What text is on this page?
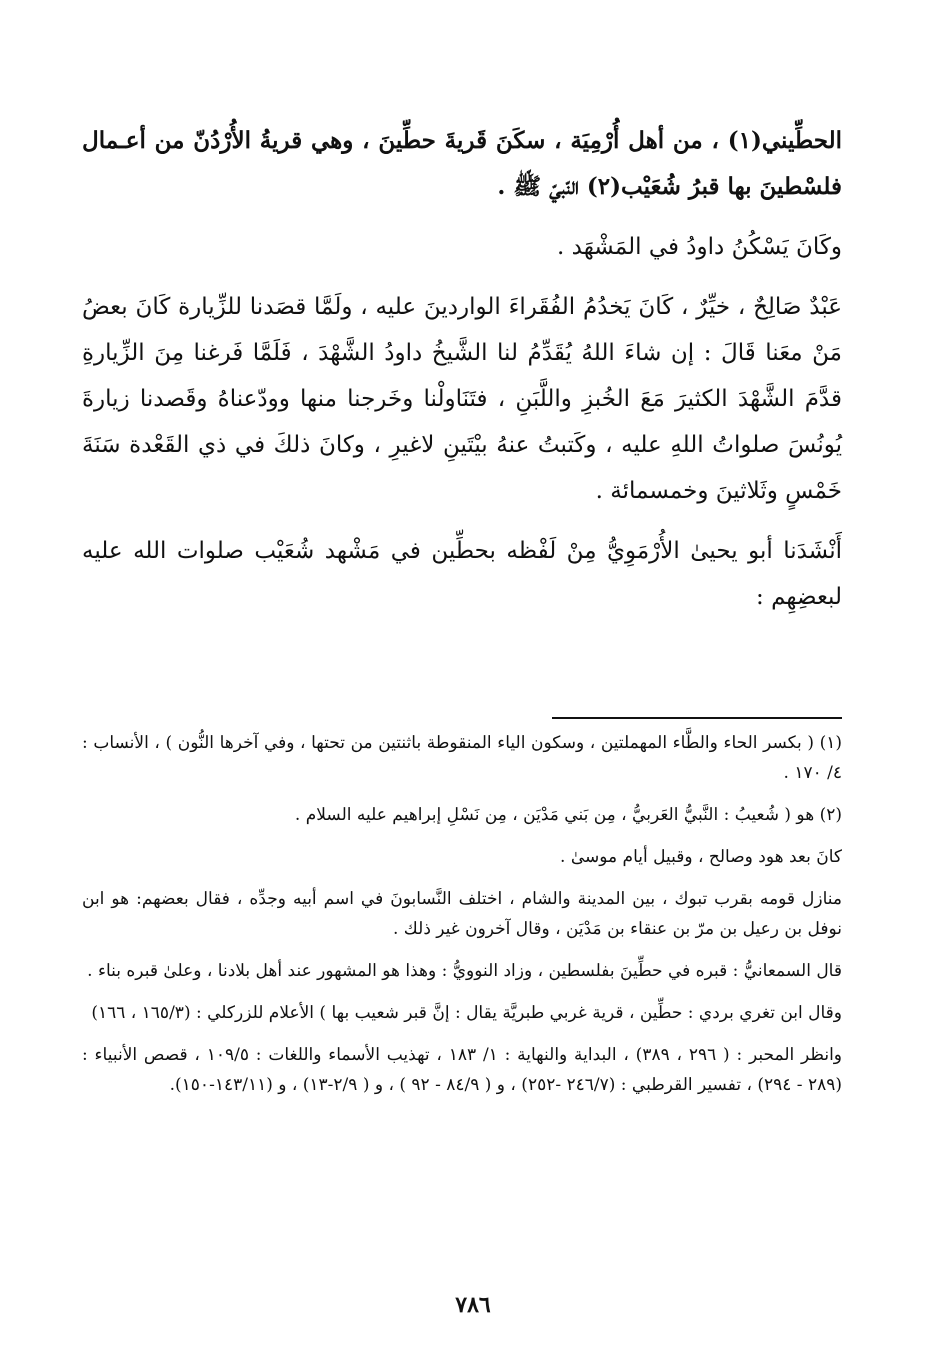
الحطِّيني(١) ، من أهل أُرْمِيَة ، سكَنَ قَريةَ حطِّينَ ، وهي قريةُ الأُرْدُنّ من أعـمال فلسْطينَ بها قبرُ شُعَيْب(٢) النّبيّ ﷺ .

وكَانَ يَسْكُنُ داودُ في المَشْهَد .

عَبْدٌ صَالِحٌ ، خيِّرٌ ، كَانَ يَخدُمُ الفُقَراءَ الواردينَ عليه ، ولَمَّا قصَدنا للزِّيارة كَانَ بعضُ مَنْ معَنا قَالَ : إن شاءَ اللهُ يُقَدِّمُ لنا الشَّيخُ داودُ الشَّهْدَ ، فَلَمَّا فَرغنا مِنَ الزِّيارةِ قدَّمَ الشَّهْدَ الكثيرَ مَعَ الخُبزِ واللَّبَنِ ، فتَنَاولْنا وخَرجنا منها وودّعناهُ وقَصدنا زيارةَ يُونُسَ صلواتُ اللهِ عليه ، وكَتبتُ عنهُ بيْتَينِ لاغيرِ ، وكانَ ذلكَ في ذي القَعْدة سَنَةَ خَمْسٍ وثَلاثينَ وخمسمائة .

أَنْشَدَنا أبو يحيىٰ الأُرْمَوِيُّ مِنْ لَفْظه بحطِّين في مَشْهد شُعَيْب صلوات الله عليه لبعضِهِم :

(١) ( بكسر الحاء والطَّاء المهملتين ، وسكون الياء المنقوطة باثنتين من تحتها ، وفي آخرها النُّون ) ، الأنساب : ٤/ ١٧٠ .

(٢) هو ( شُعيبُ : النَّبيُّ العَربيُّ ، مِن بَني مَدْيَن ، مِن نَسْلِ إبراهيم عليه السلام .

كانَ بعد هود وصالح ، وقبيل أيام موسىٰ .

منازل قومه بقرب تبوك ، بين المدينة والشام ، اختلف النَّسابونَ في اسم أبيه وجدِّه ، فقال بعضهم: هو ابن نوفل بن رعيل بن مرّ بن عنقاء بن مَدْيَن ، وقال آخرون غير ذلك .

قال السمعانيُّ : قبره في حطِّينَ بفلسطين ، وزاد النوويُّ : وهذا هو المشهور عند أهل بلادنا ، وعلىٰ قبره بناء .

وقال ابن تغري بردي : حطِّين ، قرية غربي طبريَّة يقال : إنَّ قبر شعيب بها ) الأعلام للزركلي : (١٦٥/٣ ، ١٦٦)

وانظر المحبر : ( ٢٩٦ ، ٣٨٩) ، البداية والنهاية : ١/ ١٨٣ ، تهذيب الأسماء واللغات : ١٠٩/٥ ، قصص الأنبياء : (٢٨٩ - ٢٩٤) ، تفسير القرطبي : (٢٤٦/٧ -٢٥٢) ، و ( ٨٤/٩ - ٩٢ ) ، و ( ٢/٩-١٣) ، و (١٤٣/١١-١٥٠).

٧٨٦
